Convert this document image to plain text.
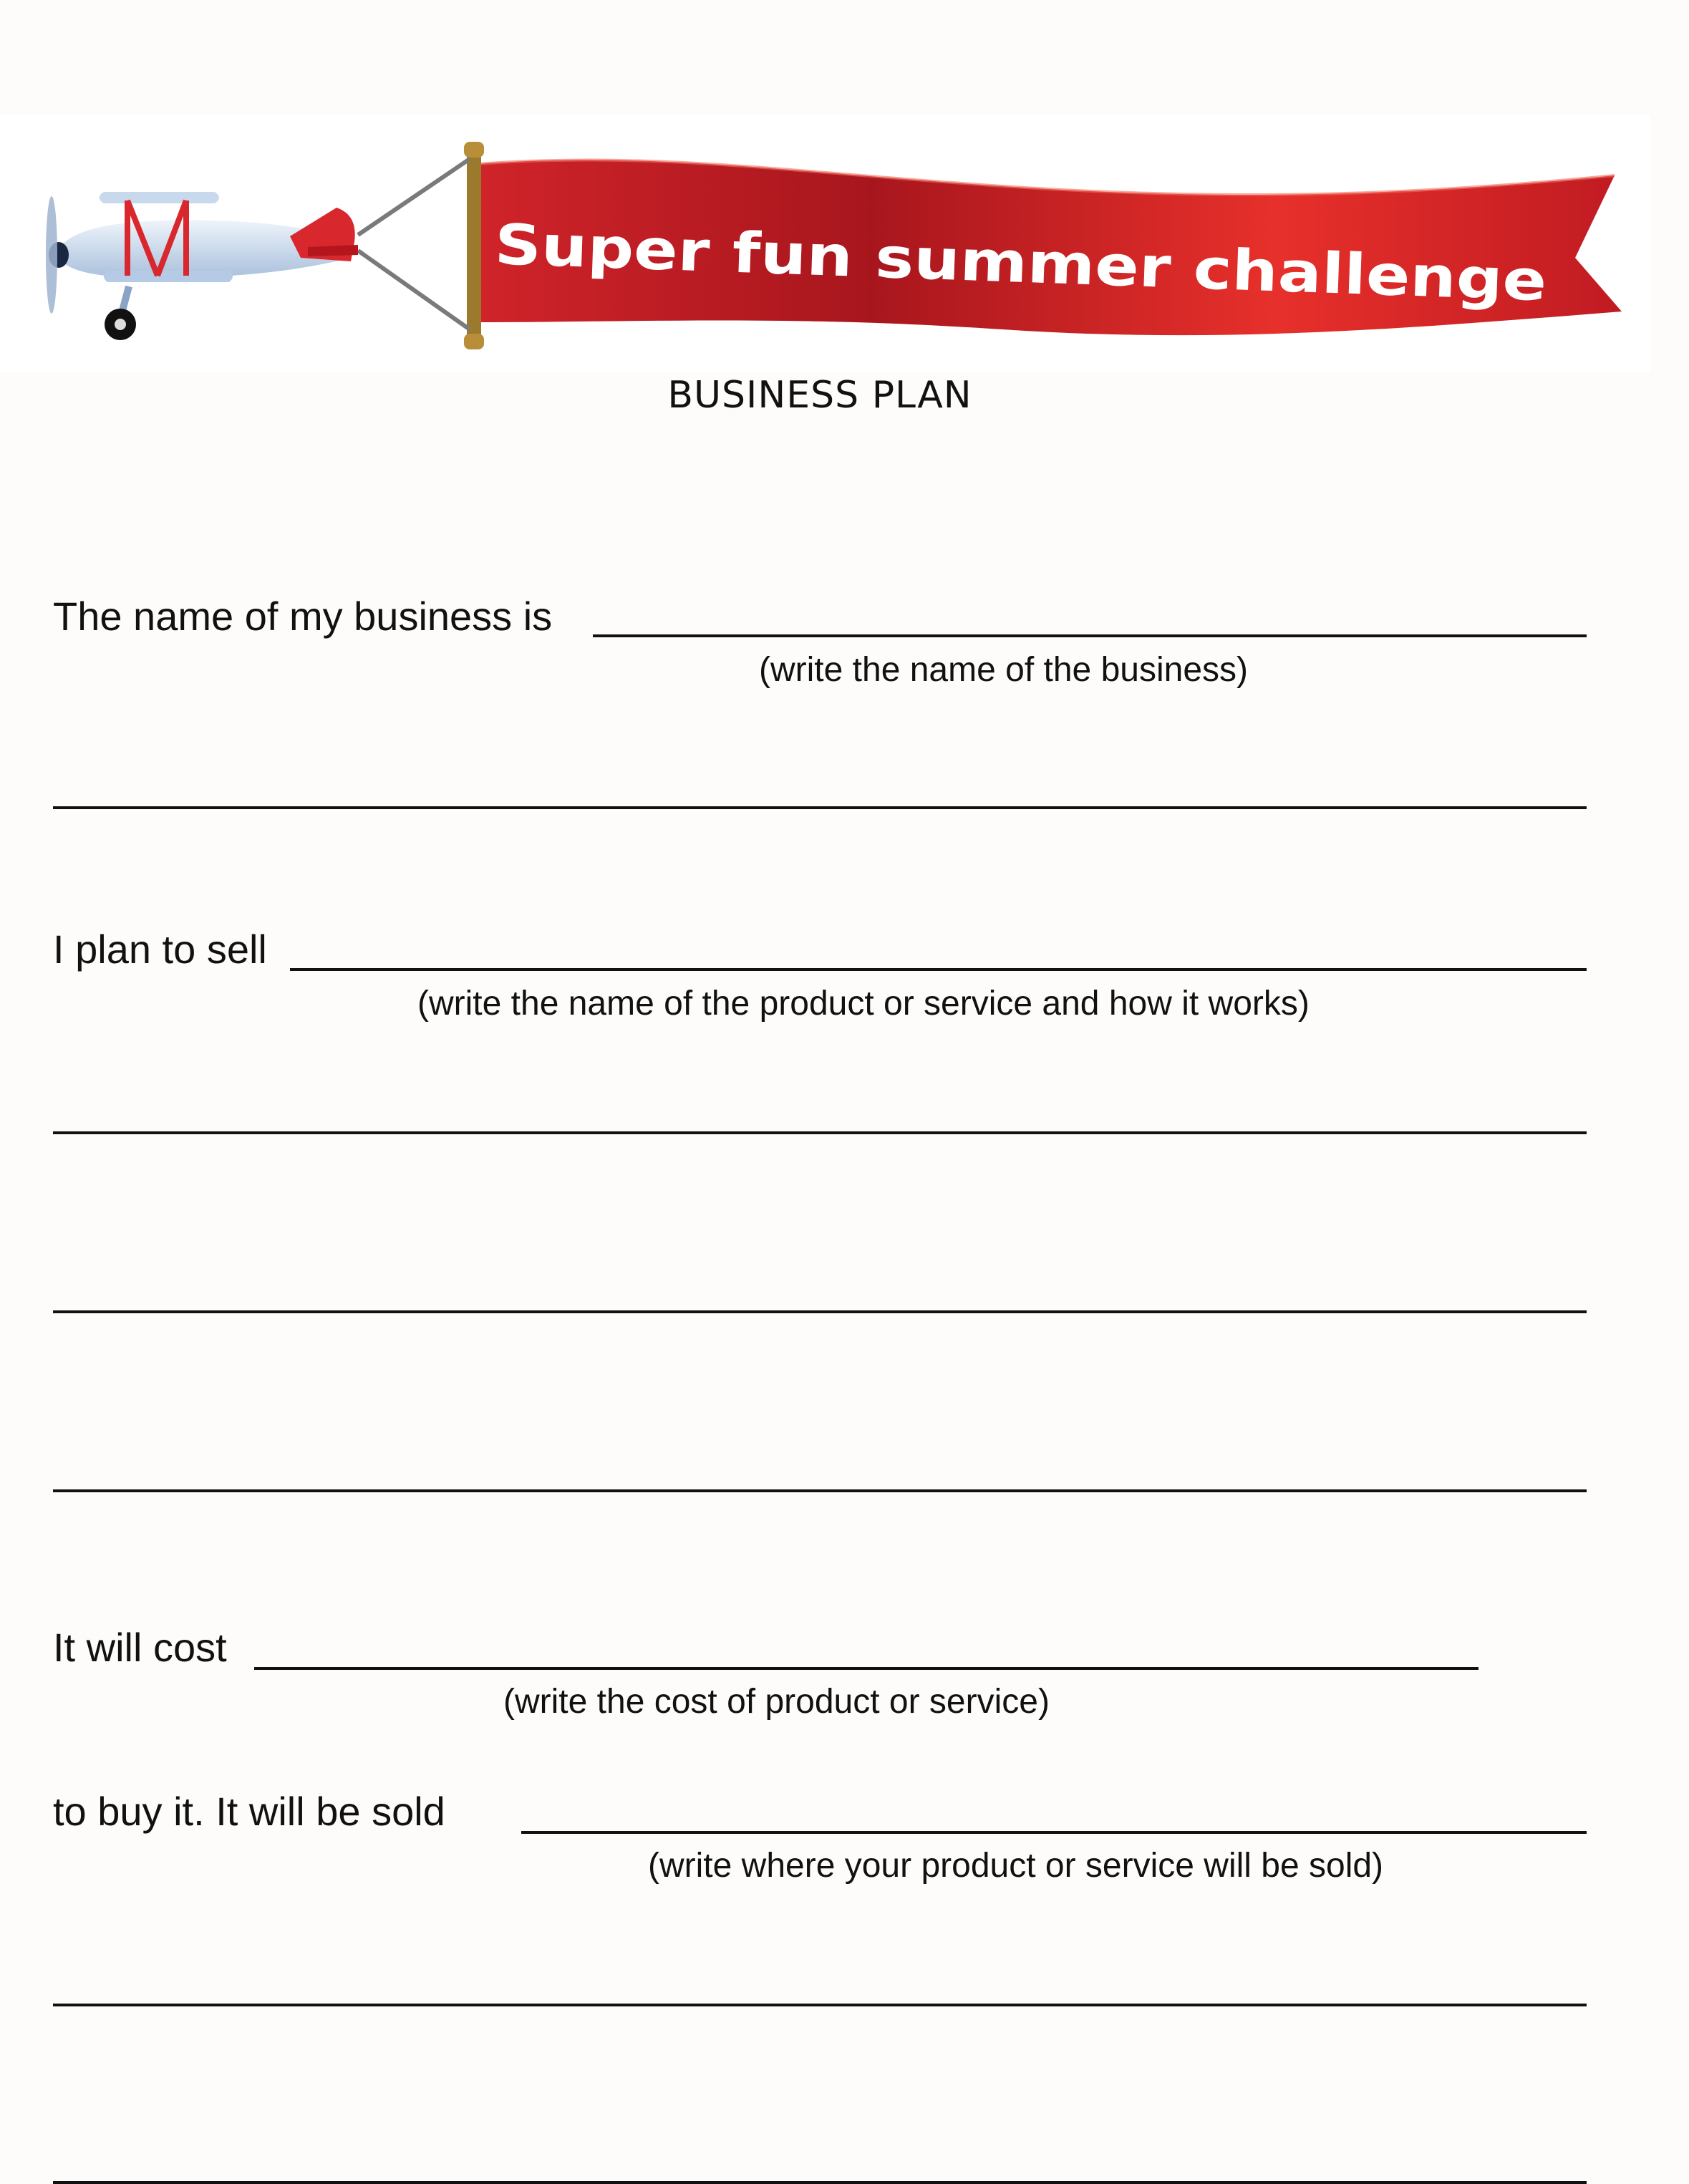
Super fun summer challenge
BUSINESS PLAN
The name of my business is
(write the name of the business)
I plan to sell
(write the name of the product or service and how it works)
It will cost
(write the cost of product or service)
to buy it. It will be sold
(write where your product or service will be sold)
